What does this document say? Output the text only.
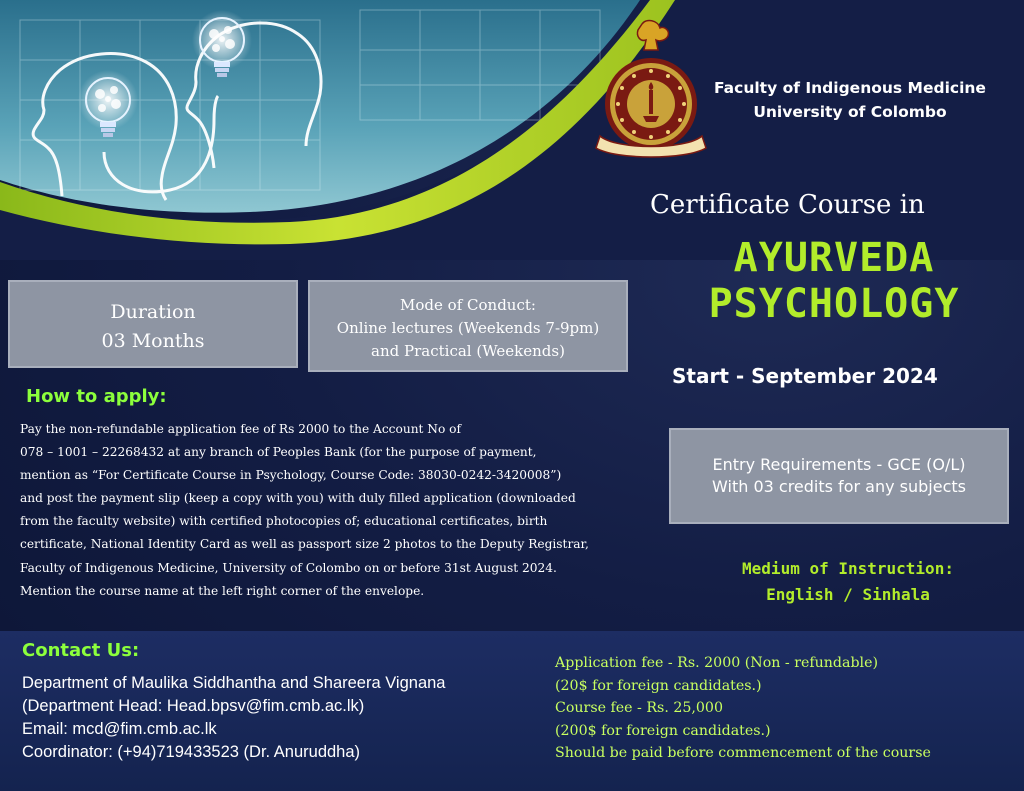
Faculty of Indigenous Medicine
University of Colombo
Certificate Course in
AYURVEDA
PSYCHOLOGY
Start - September 2024
Duration
03 Months
Mode of Conduct:
Online lectures (Weekends 7-9pm)
and Practical (Weekends)
How to apply:

Pay the non-refundable application fee of Rs 2000 to the Account No of

078 – 1001 – 22268432 at any branch of Peoples Bank (for the purpose of payment,

mention as “For Certificate Course in Psychology, Course Code: 38030-0242-3420008”)

and post the payment slip (keep a copy with you) with duly filled application (downloaded

from the faculty website) with certified photocopies of; educational certificates, birth

certificate, National Identity Card as well as passport size 2 photos to the Deputy Registrar,

Faculty of Indigenous Medicine, University of Colombo on or before 31st August 2024.

Mention the course name at the left right corner of the envelope.

Entry Requirements - GCE (O/L)
With 03 credits for any subjects
Medium of Instruction:
English / Sinhala
Contact Us:

Department of Maulika Siddhantha and Shareera Vignana

(Department Head: Head.bpsv@fim.cmb.ac.lk)

Email: mcd@fim.cmb.ac.lk

Coordinator: (+94)719433523 (Dr. Anuruddha)

Application fee - Rs. 2000 (Non - refundable)

(20$ for foreign candidates.)

Course fee - Rs. 25,000

(200$ for foreign candidates.)

Should be paid before commencement of the course
